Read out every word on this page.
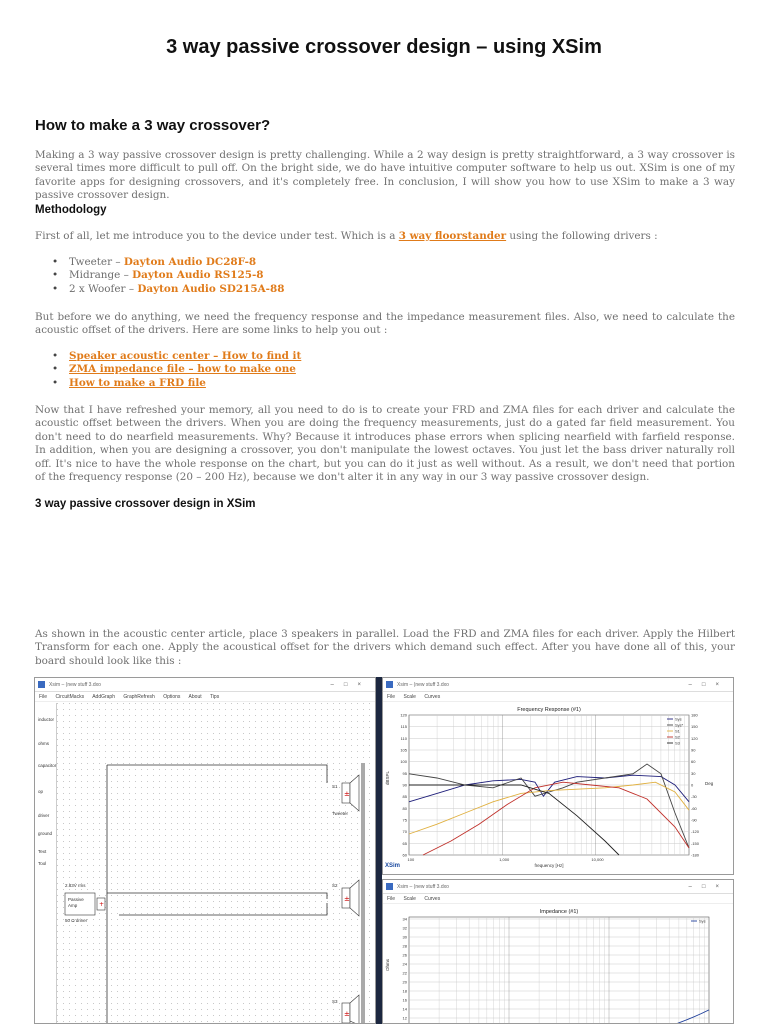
3 way passive crossover design – using XSim
How to make a 3 way crossover?

Making a 3 way passive crossover design is pretty challenging. While a 2 way design is pretty straightforward, a 3 way crossover is several times more difficult to pull off. On the bright side, we do have intuitive computer software to help us out. XSim is one of my favorite apps for designing crossovers, and it's completely free. In conclusion, I will show you how to use XSim to make a 3 way passive crossover design.

Methodology

First of all, let me introduce you to the device under test. Which is a 3 way floorstander using the following drivers :

• Tweeter – Dayton Audio DC28F-8
• Midrange – Dayton Audio RS125-8
• 2 x Woofer – Dayton Audio SD215A-88

But before we do anything, we need the frequency response and the impedance measurement files. Also, we need to calculate the acoustic offset of the drivers. Here are some links to help you out :

• Speaker acoustic center – How to find it
• ZMA impedance file – how to make one
• How to make a FRD file

Now that I have refreshed your memory, all you need to do is to create your FRD and ZMA files for each driver and calculate the acoustic offset between the drivers. When you are doing the frequency measurements, just do a gated far field measurement. You don't need to do nearfield measurements. Why? Because it introduces phase errors when splicing nearfield with farfield response. In addition, when you are designing a crossover, you don't manipulate the lowest octaves. You just let the bass driver naturally roll off. It's nice to have the whole response on the chart, but you can do it just as well without. As a result, we don't need that portion of the frequency response (20 – 200 Hz), because we don't alter it in any way in our 3 way passive crossover design.

3 way passive crossover design in XSim

As shown in the acoustic center article, place 3 speakers in parallel. Load the FRD and ZMA files for each driver. Apply the Hilbert Transform for each one. Apply the acoustical offset for the drivers which demand such effect. After you have done all of this, your board should look like this :

Xsim – (new stuff 3.dxo	–□×
File CircuitMacks AddGraph GraphRefresh Options About Tips
inductor
ohms
capacitor
op
driver
ground
Text
Tool
±
±
±
+
S1
Tweeter
S2
S3
2.83V rms
Passive
Amp
50 Ω driver
Xsim – (new stuff 3.dxo	–□×
File Scale Curves
Frequency Response (#1)
120	180
115	150
110	120
105	90
100	60
95	30
90	0
85	-30
80	-60
75	-90
70	-120
65	-150
60	-180
100	1,000	10,000
frequency [Hz]
dBSPL	Deg
XSim
Sys
Sys*
S1
S2
S3
Xsim – (new stuff 3.dxo	–□×
File Scale Curves
Impedance (#1)
34
32
30
28
26
24
22
20
18
16
14
12
Ohms
Sys
